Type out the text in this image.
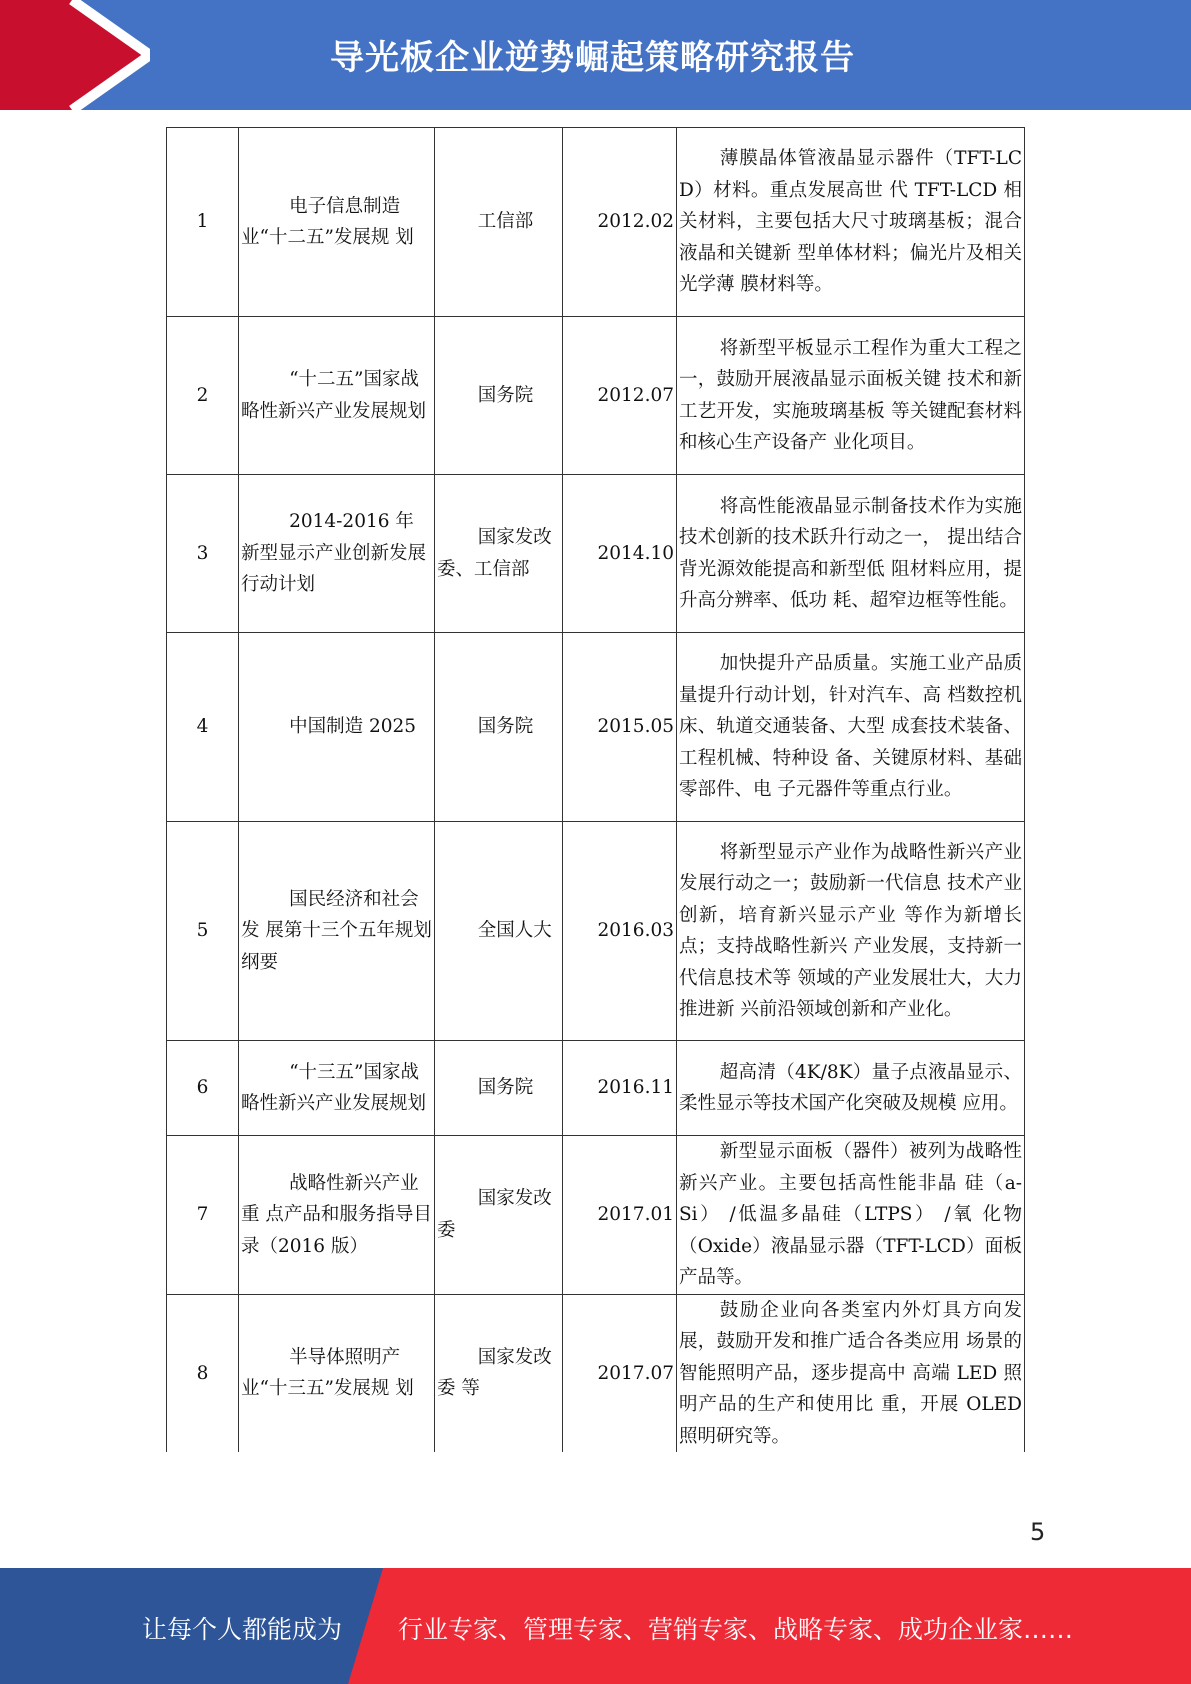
导光板企业逆势崛起策略研究报告
1	电子信息制造业“十二五”发展规 划	工信部	2012.02	薄膜晶体管液晶显示器件（TFT-LC D）材料。重点发展高世 代 TFT-LCD 相关材料，主要包括大尺寸玻璃基板；混合液晶和关键新 型单体材料；偏光片及相关光学薄 膜材料等。
2	“十二五”国家战 略性新兴产业发展规划	国务院	2012.07	将新型平板显示工程作为重大工程之一，鼓励开展液晶显示面板关键 技术和新工艺开发，实施玻璃基板 等关键配套材料和核心生产设备产 业化项目。
3	2014-2016 年新型显示产业创新发展 行动计划	国家发改委、工信部	2014.10	将高性能液晶显示制备技术作为实施技术创新的技术跃升行动之一， 提出结合背光源效能提高和新型低 阻材料应用，提升高分辨率、低功 耗、超窄边框等性能。
4	中国制造 2025	国务院	2015.05	加快提升产品质量。实施工业产品质量提升行动计划，针对汽车、高 档数控机床、轨道交通装备、大型 成套技术装备、工程机械、特种设 备、关键原材料、基础零部件、电 子元器件等重点行业。
5	国民经济和社会发 展第十三个五年规划纲要	全国人大	2016.03	将新型显示产业作为战略性新兴产业发展行动之一；鼓励新一代信息 技术产业创新，培育新兴显示产业 等作为新增长点；支持战略性新兴 产业发展，支持新一代信息技术等 领域的产业发展壮大，大力推进新 兴前沿领域创新和产业化。
6	“十三五”国家战 略性新兴产业发展规划	国务院	2016.11	超高清（4K/8K）量子点液晶显示、柔性显示等技术国产化突破及规模 应用。
7	战略性新兴产业重 点产品和服务指导目录（2016 版）	国家发改委	2017.01	新型显示面板（器件）被列为战略性新兴产业。主要包括高性能非晶 硅（a-Si） /低温多晶硅（LTPS） /氧 化物（Oxide）液晶显示器（TFT-LCD）面板产品等。
8	半导体照明产业“十三五”发展规 划	国家发改委 等	2017.07	鼓励企业向各类室内外灯具方向发展，鼓励开发和推广适合各类应用 场景的智能照明产品，逐步提高中 高端 LED 照明产品的生产和使用比 重，开展 OLED 照明研究等。
5
让每个人都能成为 行业专家、管理专家、营销专家、战略专家、成功企业家……
